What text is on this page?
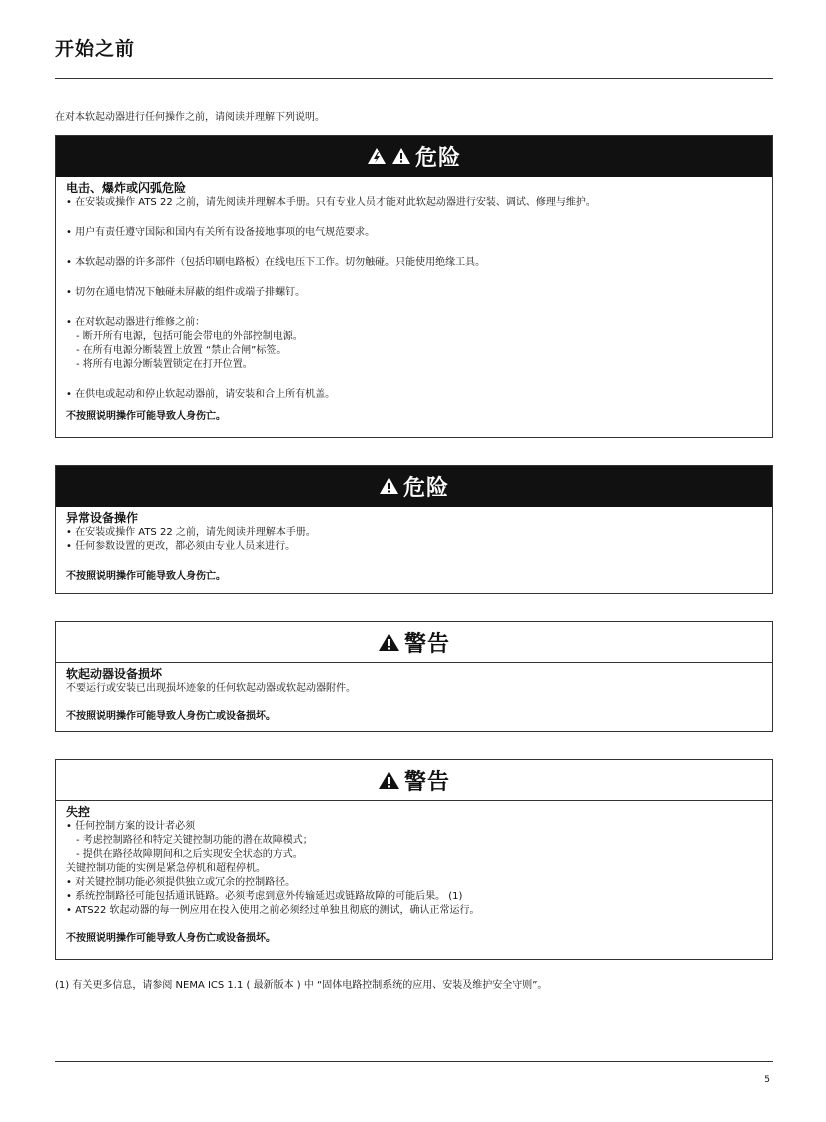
开始之前
在对本软起动器进行任何操作之前，请阅读并理解下列说明。
危险
电击、爆炸或闪弧危险
• 在安装或操作 ATS 22 之前，请先阅读并理解本手册。只有专业人员才能对此软起动器进行安装、调试、修理与维护。
• 用户有责任遵守国际和国内有关所有设备接地事项的电气规范要求。
• 本软起动器的许多部件（包括印刷电路板）在线电压下工作。切勿触碰。只能使用绝缘工具。
• 切勿在通电情况下触碰未屏蔽的组件或端子排螺钉。
• 在对软起动器进行维修之前：
- 断开所有电源，包括可能会带电的外部控制电源。
- 在所有电源分断装置上放置 “禁止合闸”标签。
- 将所有电源分断装置锁定在打开位置。
• 在供电或起动和停止软起动器前，请安装和合上所有机盖。
不按照说明操作可能导致人身伤亡。
危险
异常设备操作
• 在安装或操作 ATS 22 之前，请先阅读并理解本手册。
• 任何参数设置的更改，都必须由专业人员来进行。
不按照说明操作可能导致人身伤亡。
警告
软起动器设备损坏
不要运行或安装已出现损坏迹象的任何软起动器或软起动器附件。
不按照说明操作可能导致人身伤亡或设备损坏。
警告
失控
• 任何控制方案的设计者必须
- 考虑控制路径和特定关键控制功能的潜在故障模式；
- 提供在路径故障期间和之后实现安全状态的方式。
关键控制功能的实例是紧急停机和超程停机。
• 对关键控制功能必须提供独立或冗余的控制路径。
• 系统控制路径可能包括通讯链路。必须考虑到意外传输延迟或链路故障的可能后果。 (1)
• ATS22 软起动器的每一例应用在投入使用之前必须经过单独且彻底的测试，确认正常运行。
不按照说明操作可能导致人身伤亡或设备损坏。
(1) 有关更多信息，请参阅 NEMA ICS 1.1 ( 最新版本 ) 中 “固体电路控制系统的应用、安装及维护安全守则”。
5
